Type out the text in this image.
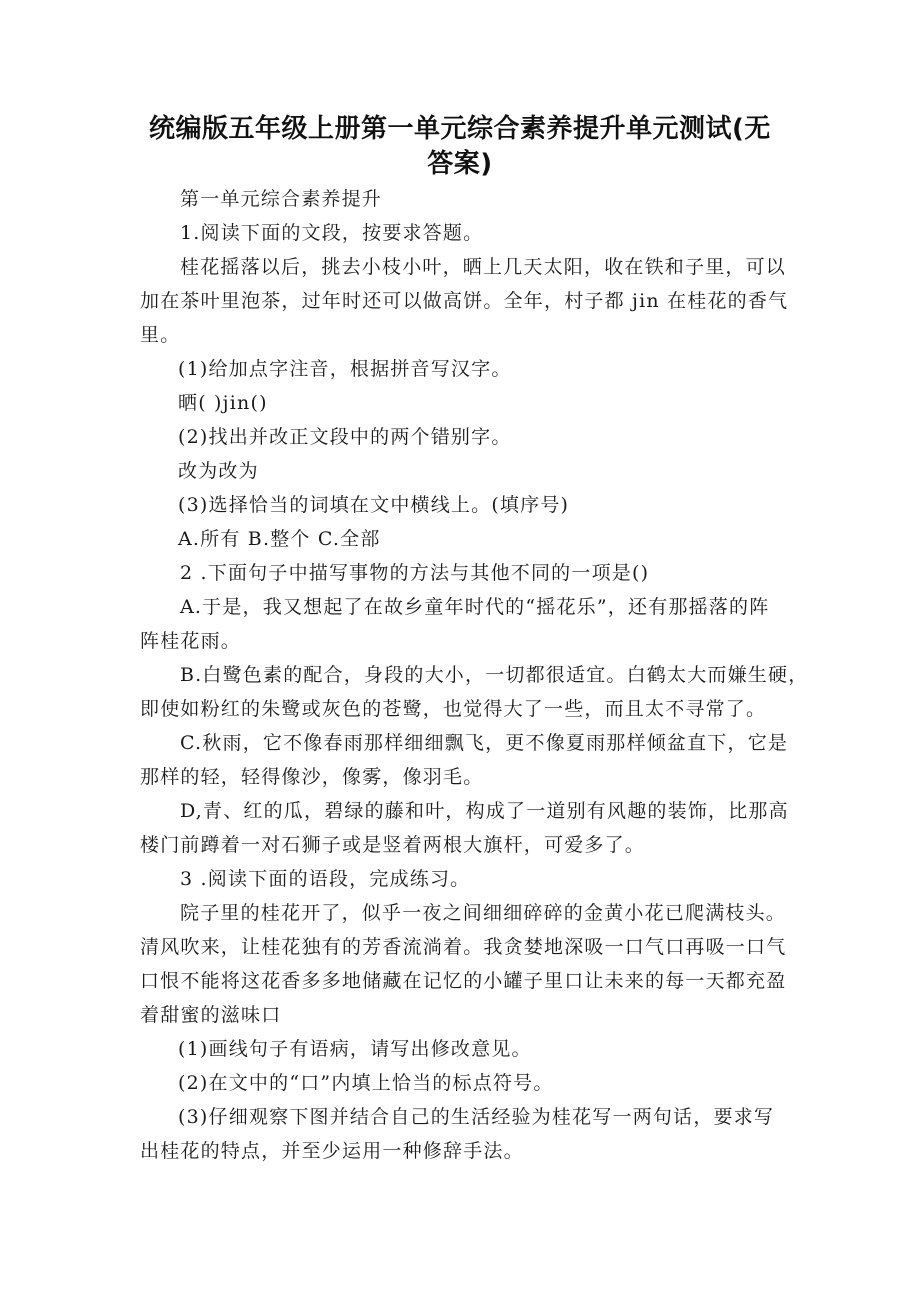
统编版五年级上册第一单元综合素养提升单元测试(无
答案)
第一单元综合素养提升
1.阅读下面的文段，按要求答题。
桂花摇落以后，挑去小枝小叶，晒上几天太阳，收在铁和子里，可以
加在茶叶里泡茶，过年时还可以做高饼。全年，村子都 jin 在桂花的香气
里。
(1)给加点字注音，根据拼音写汉字。
晒( )jin()
(2)找出并改正文段中的两个错别字。
改为改为
(3)选择恰当的词填在文中横线上。(填序号)
A.所有 B.整个 C.全部
2 .下面句子中描写事物的方法与其他不同的一项是()
A.于是，我又想起了在故乡童年时代的“摇花乐”，还有那摇落的阵
阵桂花雨。
B.白鹭色素的配合，身段的大小，一切都很适宜。白鹤太大而嫌生硬，
即使如粉红的朱鹭或灰色的苍鹭，也觉得大了一些，而且太不寻常了。
C.秋雨，它不像春雨那样细细飘飞，更不像夏雨那样倾盆直下，它是
那样的轻，轻得像沙，像雾，像羽毛。
D,青、红的瓜，碧绿的藤和叶，构成了一道别有风趣的装饰，比那高
楼门前蹲着一对石狮子或是竖着两根大旗杆，可爱多了。
3 .阅读下面的语段，完成练习。
院子里的桂花开了，似乎一夜之间细细碎碎的金黄小花已爬满枝头。
清风吹来，让桂花独有的芳香流淌着。我贪婪地深吸一口气口再吸一口气
口恨不能将这花香多多地储藏在记忆的小罐子里口让未来的每一天都充盈
着甜蜜的滋味口
(1)画线句子有语病，请写出修改意见。
(2)在文中的“口”内填上恰当的标点符号。
(3)仔细观察下图并结合自己的生活经验为桂花写一两句话，要求写
出桂花的特点，并至少运用一种修辞手法。
